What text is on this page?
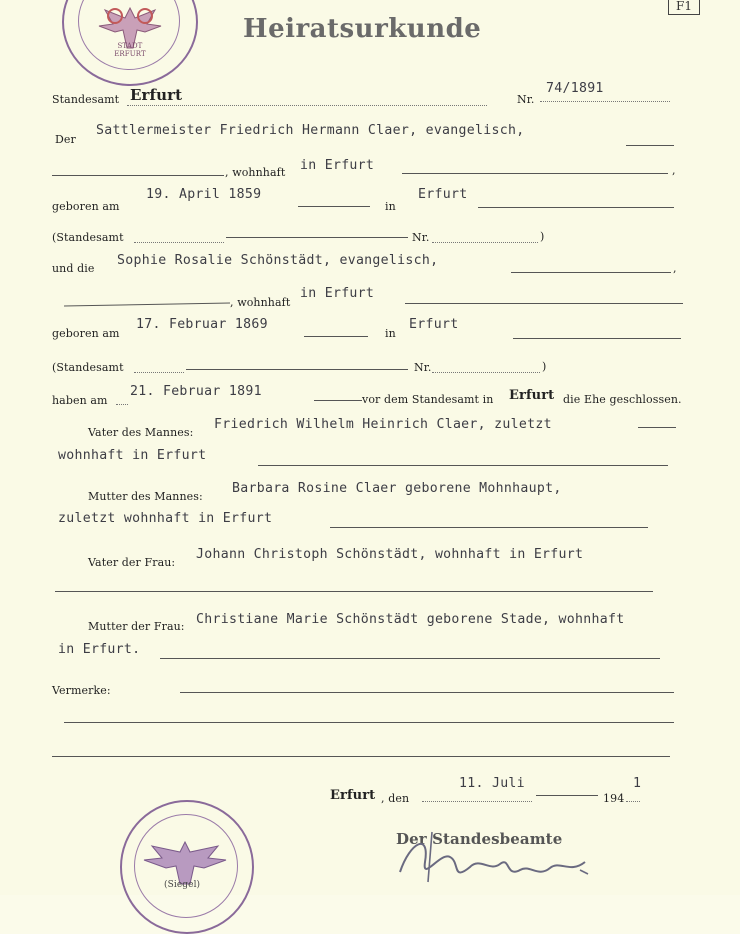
STADT ERFURT
F1
Heiratsurkunde
Standesamt Erfurt	Nr.
74/1891
Der
Sattlermeister Friedrich Hermann Claer, evangelisch,
, wohnhaft in Erfurt	,
geboren am
19. April 1859
in
Erfurt
(Standesamt	Nr.	)
und die
Sophie Rosalie Schönstädt, evangelisch,
,
, wohnhaft
in Erfurt
geboren am
17. Februar 1869
in
Erfurt
(Standesamt	Nr.	)
haben am
21. Februar 1891
vor dem Standesamt in Erfurt die Ehe geschlossen.
Vater des Mannes:
Friedrich Wilhelm Heinrich Claer, zuletzt
wohnhaft in Erfurt
Mutter des Mannes:
Barbara Rosine Claer geborene Mohnhaupt,
zuletzt wohnhaft in Erfurt
Vater der Frau:
Johann Christoph Schönstädt, wohnhaft in Erfurt
Mutter der Frau: Christiane Marie Schönstädt geborene Stade, wohnhaft
in Erfurt.
Vermerke:
Erfurt , den
11. Juli
194
1
Der Standesbeamte
(Siegel)
